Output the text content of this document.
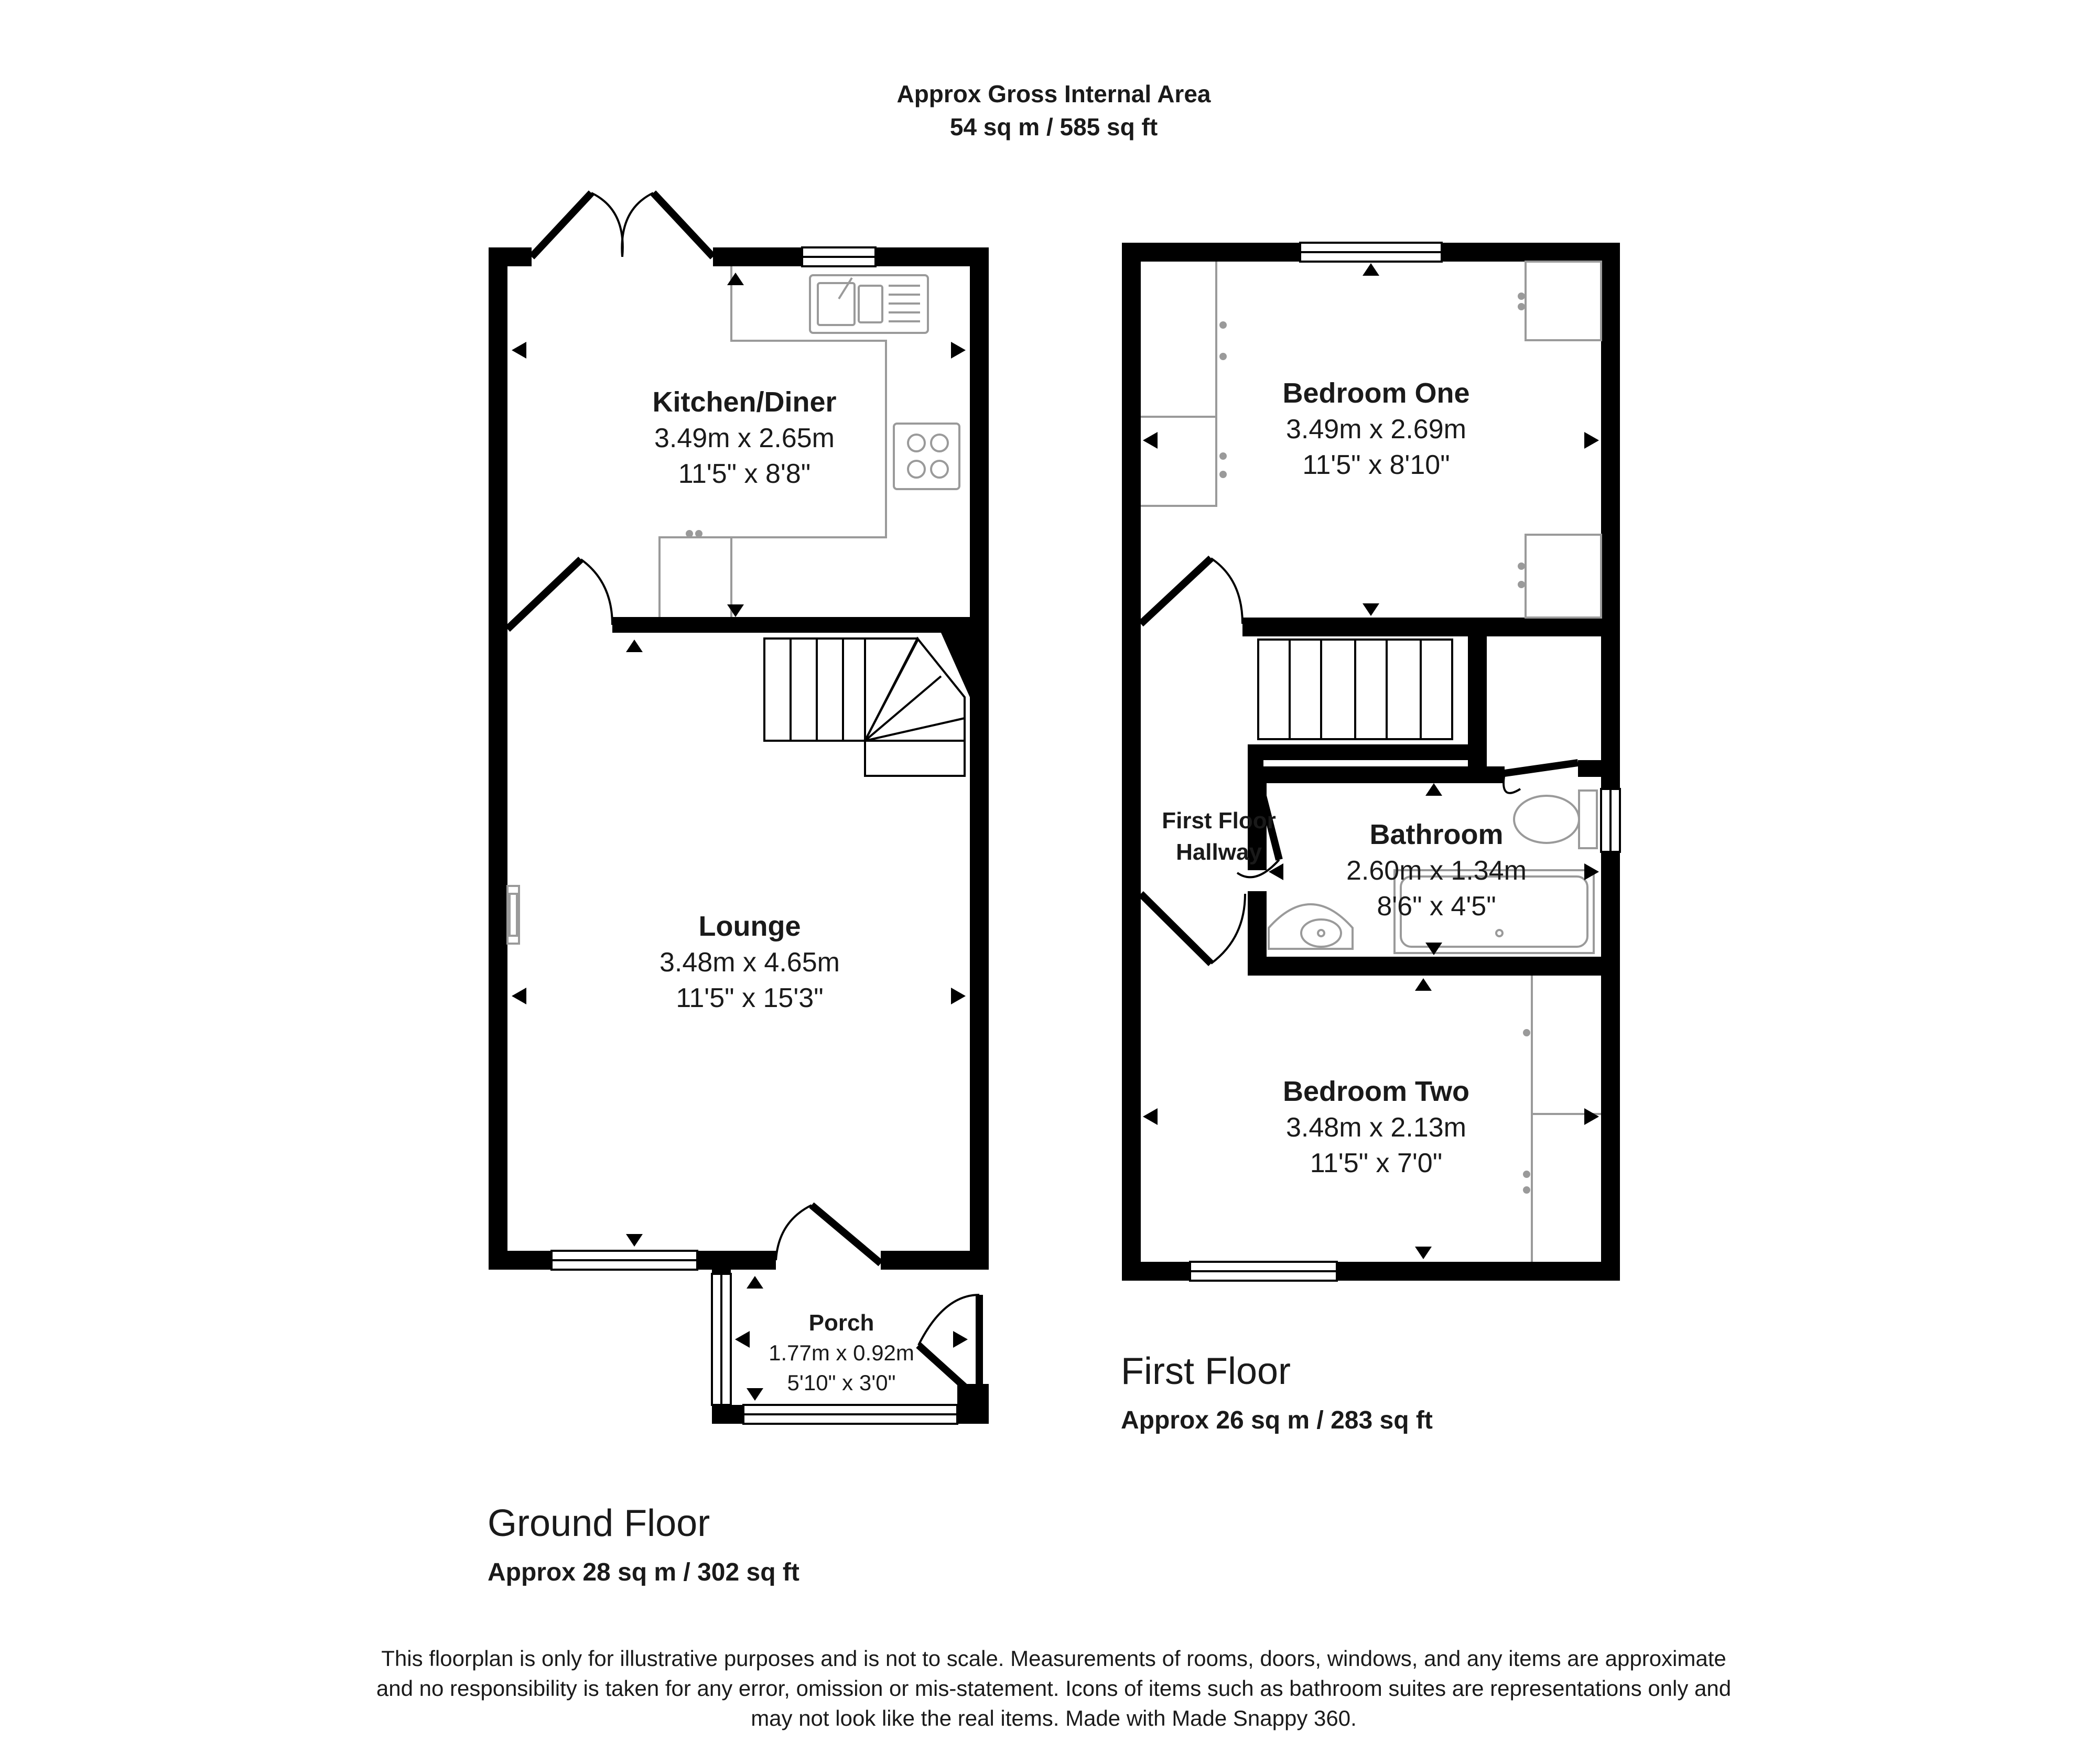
Approx Gross Internal Area
54 sq m / 585 sq ft
Kitchen/Diner
3.49m x 2.65m
11'5" x 8'8"
Lounge
3.48m x 4.65m
11'5" x 15'3"
Porch
1.77m x 0.92m
5'10" x 3'0"
Ground Floor
Approx 28 sq m / 302 sq ft
Bedroom One
3.49m x 2.69m
11'5" x 8'10"
First Floor
Hallway
Bathroom
2.60m x 1.34m
8'6" x 4'5"
Bedroom Two
3.48m x 2.13m
11'5" x 7'0"
First Floor
Approx 26 sq m / 283 sq ft
This floorplan is only for illustrative purposes and is not to scale. Measurements of rooms, doors, windows, and any items are approximate
and no responsibility is taken for any error, omission or mis-statement. Icons of items such as bathroom suites are representations only and
may not look like the real items. Made with Made Snappy 360.
